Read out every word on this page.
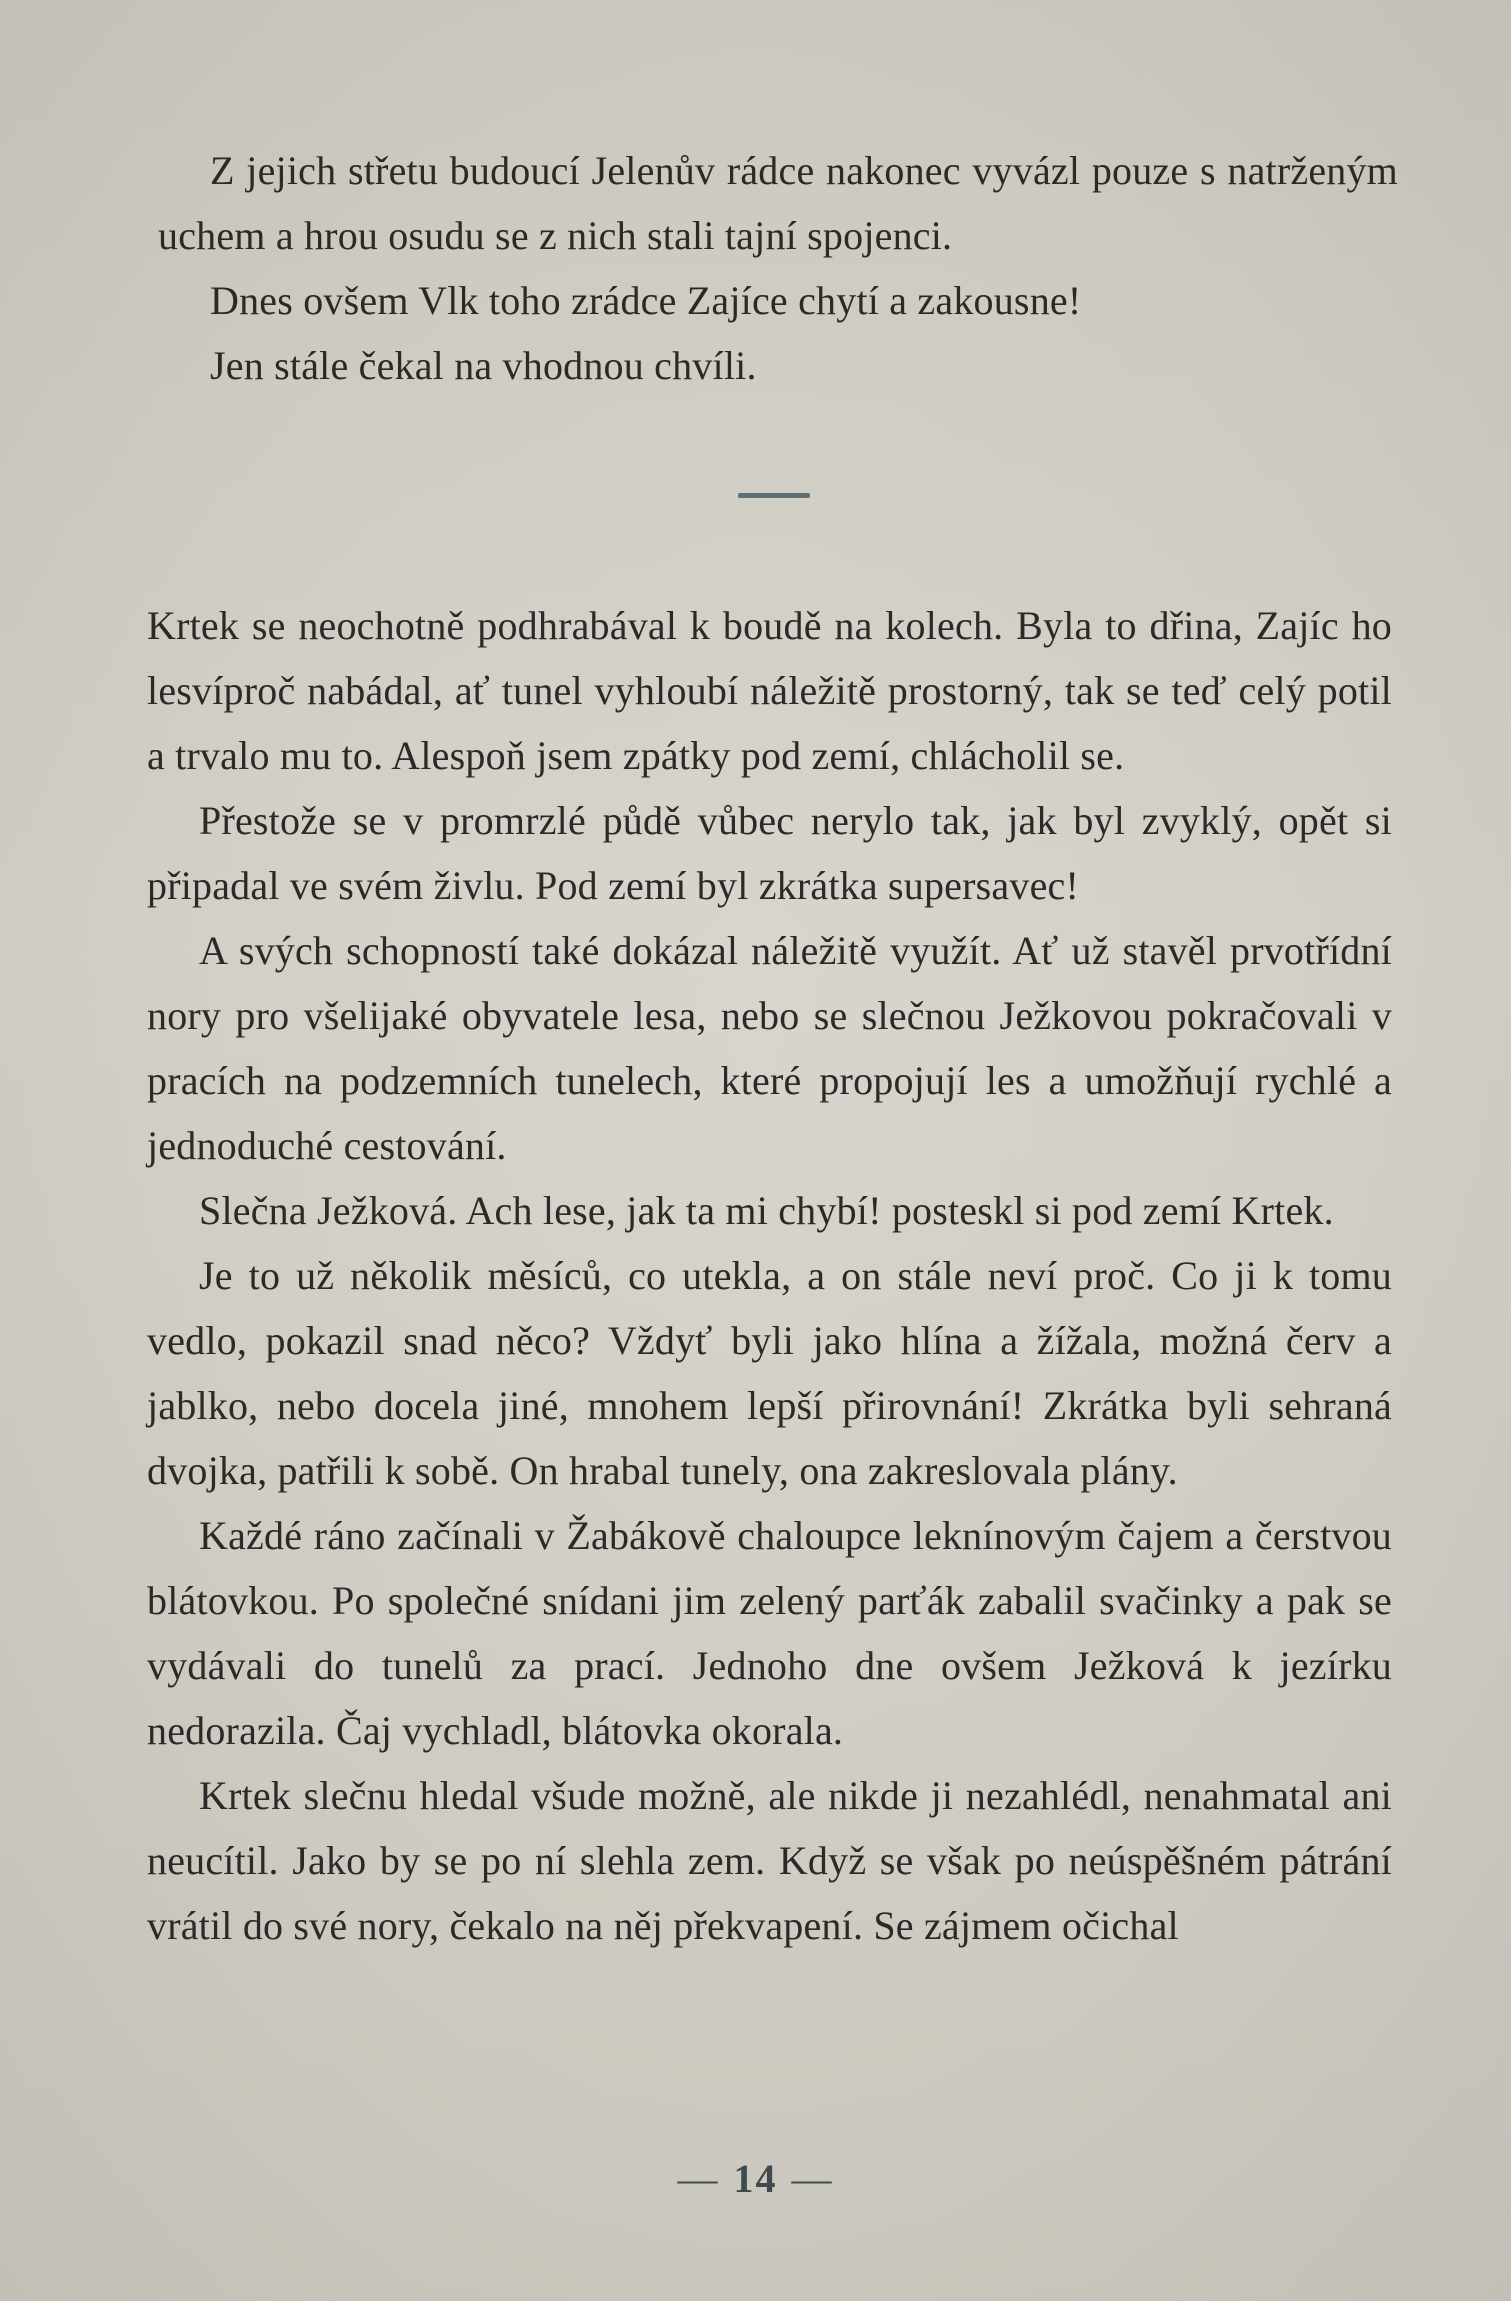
Z jejich střetu budoucí Jelenův rádce nakonec vyvázl pouze s natrženým uchem a hrou osudu se z nich stali tajní spojenci.

Dnes ovšem Vlk toho zrádce Zajíce chytí a zakousne!

Jen stále čekal na vhodnou chvíli.

Krtek se neochotně podhrabával k boudě na kolech. Byla to dřina, Zajíc ho lesvíproč nabádal, ať tunel vyhloubí náležitě prostorný, tak se teď celý potil a trvalo mu to. Alespoň jsem zpátky pod zemí, chlácholil se.

Přestože se v promrzlé půdě vůbec nerylo tak, jak byl zvyklý, opět si připadal ve svém živlu. Pod zemí byl zkrátka supersavec!

A svých schopností také dokázal náležitě využít. Ať už stavěl prvotřídní nory pro všelijaké obyvatele lesa, nebo se slečnou Ježkovou pokračovali v pracích na podzemních tunelech, které propojují les a umožňují rychlé a jednoduché cestování.

Slečna Ježková. Ach lese, jak ta mi chybí! posteskl si pod zemí Krtek.

Je to už několik měsíců, co utekla, a on stále neví proč. Co ji k tomu vedlo, pokazil snad něco? Vždyť byli jako hlína a žížala, možná červ a jablko, nebo docela jiné, mnohem lepší přirovnání! Zkrátka byli sehraná dvojka, patřili k sobě. On hrabal tunely, ona zakreslovala plány.

Každé ráno začínali v Žabákově chaloupce leknínovým čajem a čerstvou blátovkou. Po společné snídani jim zelený parťák zabalil svačinky a pak se vydávali do tunelů za prací. Jednoho dne ovšem Ježková k jezírku nedorazila. Čaj vychladl, blátovka okorala.

Krtek slečnu hledal všude možně, ale nikde ji nezahlédl, nenahmatal ani neucítil. Jako by se po ní slehla zem. Když se však po neúspěšném pátrání vrátil do své nory, čekalo na něj překvapení. Se zájmem očichal

— 14 —
